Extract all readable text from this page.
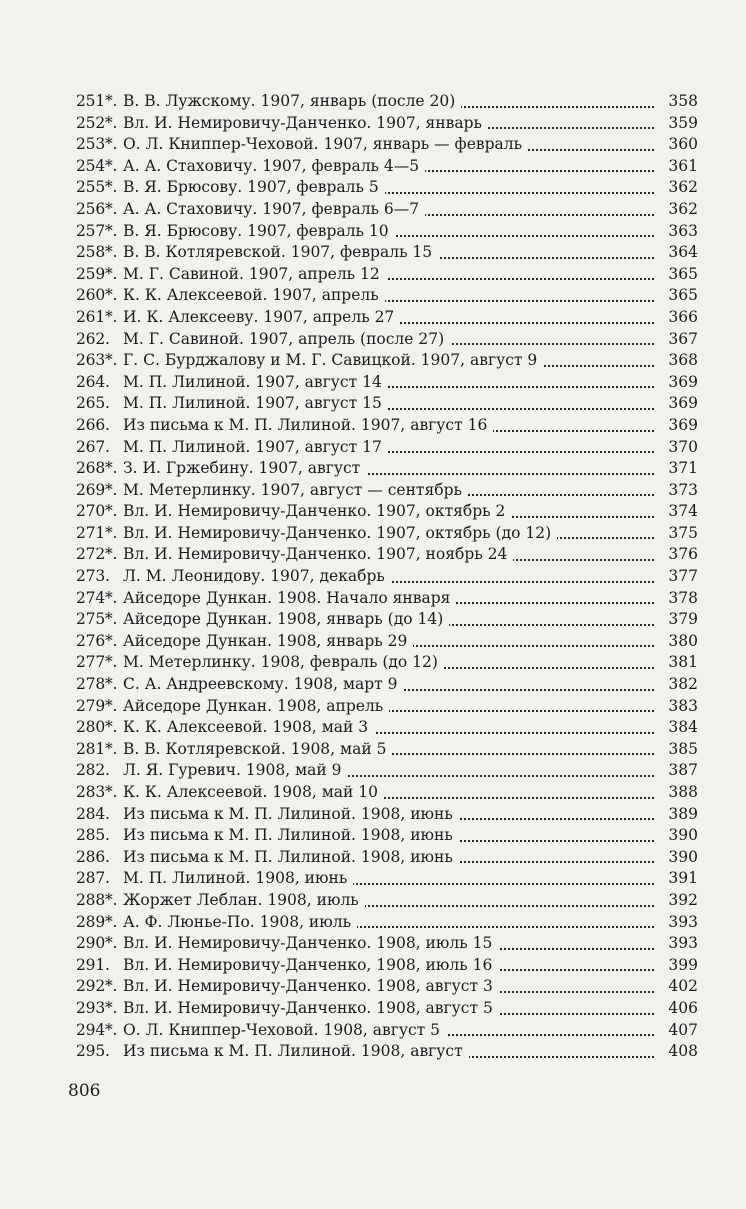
251*. В. В. Лужскому. 1907, январь (после 20)	358
252*. Вл. И. Немировичу-Данченко. 1907, январь	359
253*. О. Л. Книппер-Чеховой. 1907, январь — февраль	360
254*. А. А. Стаховичу. 1907, февраль 4—5	361
255*. В. Я. Брюсову. 1907, февраль 5	362
256*. А. А. Стаховичу. 1907, февраль 6—7	362
257*. В. Я. Брюсову. 1907, февраль 10	363
258*. В. В. Котляревской. 1907, февраль 15	364
259*. М. Г. Савиной. 1907, апрель 12	365
260*. К. К. Алексеевой. 1907, апрель	365
261*. И. К. Алексееву. 1907, апрель 27	366
262. М. Г. Савиной. 1907, апрель (после 27)	367
263*. Г. С. Бурджалову и М. Г. Савицкой. 1907, август 9	368
264. М. П. Лилиной. 1907, август 14	369
265. М. П. Лилиной. 1907, август 15	369
266. Из письма к М. П. Лилиной. 1907, август 16	369
267. М. П. Лилиной. 1907, август 17	370
268*. З. И. Гржебину. 1907, август	371
269*. М. Метерлинку. 1907, август — сентябрь	373
270*. Вл. И. Немировичу-Данченко. 1907, октябрь 2	374
271*. Вл. И. Немировичу-Данченко. 1907, октябрь (до 12)	375
272*. Вл. И. Немировичу-Данченко. 1907, ноябрь 24	376
273. Л. М. Леонидову. 1907, декабрь	377
274*. Айседоре Дункан. 1908. Начало января	378
275*. Айседоре Дункан. 1908, январь (до 14)	379
276*. Айседоре Дункан. 1908, январь 29	380
277*. М. Метерлинку. 1908, февраль (до 12)	381
278*. С. А. Андреевскому. 1908, март 9	382
279*. Айседоре Дункан. 1908, апрель	383
280*. К. К. Алексеевой. 1908, май 3	384
281*. В. В. Котляревской. 1908, май 5	385
282. Л. Я. Гуревич. 1908, май 9	387
283*. К. К. Алексеевой. 1908, май 10	388
284. Из письма к М. П. Лилиной. 1908, июнь	389
285. Из письма к М. П. Лилиной. 1908, июнь	390
286. Из письма к М. П. Лилиной. 1908, июнь	390
287. М. П. Лилиной. 1908, июнь	391
288*. Жоржет Леблан. 1908, июль	392
289*. А. Ф. Люнье-По. 1908, июль	393
290*. Вл. И. Немировичу-Данченко. 1908, июль 15	393
291. Вл. И. Немировичу-Данченко, 1908, июль 16	399
292*. Вл. И. Немировичу-Данченко. 1908, август 3	402
293*. Вл. И. Немировичу-Данченко. 1908, август 5	406
294*. О. Л. Книппер-Чеховой. 1908, август 5	407
295. Из письма к М. П. Лилиной. 1908, август	408
806
